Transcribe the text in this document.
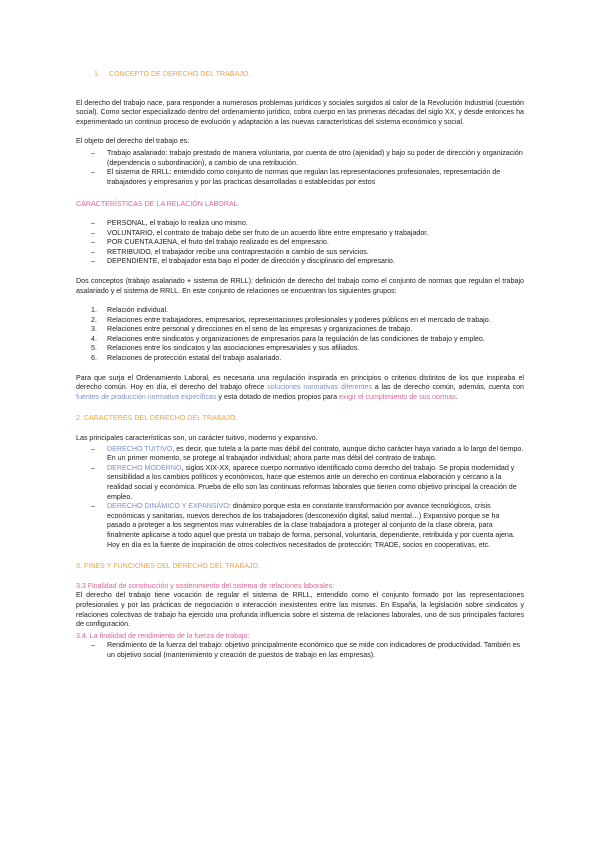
1. CONCEPTO DE DERECHO DEL TRABAJO.

El derecho del trabajo nace, para responder a numerosos problemas jurídicos y sociales surgidos al calor de la Revolución Industrial (cuestión social). Como sector especializado dentro del ordenamiento jurídico, cobra cuerpo en las primeras décadas del siglo XX, y desde entonces ha experimentado un continuo proceso de evolución y adaptación a las nuevas características del sistema económico y social.

El objeto del derecho del trabajo es:

– Trabajo asalariado: trabajo prestado de manera voluntaria, por cuenta de otro (ajenidad) y bajo su poder de dirección y organización (dependencia o subordinación), a cambio de una retribución.
– El sistema de RRLL: entendido como conjunto de normas que regulan las representaciones profesionales, representación de trabajadores y empresarios y por las practicas desarrolladas o establecidas por estos
CARACTERÍSTICAS DE LA RELACIÓN LABORAL.
– PERSONAL, el trabajo lo realiza uno mismo.
– VOLUNTARIO, el contrato de trabajo debe ser fruto de un acuerdo libre entre empresario y trabajador.
– POR CUENTA AJENA, el fruto del trabajo realizado es del empresario.
– RETRIBUIDO, el trabajador recibe una contraprestación a cambio de sus servicios.
– DEPENDIENTE, el trabajador esta bajo el poder de dirección y disciplinario del empresario.

Dos conceptos (trabajo asalariado + sistema de RRLL): definición de derecho del trabajo como el conjunto de normas que regulan el trabajo asalariado y el sistema de RRLL. En este conjunto de relaciones se encuentran los siguientes grupos:

1. Relación individual.
2. Relaciones entre trabajadores, empresarios, representaciones profesionales y poderes públicos en el mercado de trabajo.
3. Relaciones entre personal y direcciones en el seno de las empresas y organizaciones de trabajo.
4. Relaciones entre sindicatos y organizaciones de empresarios para la regulación de las condiciones de trabajo y empleo.
5. Relaciones entre los sindicatos y las asociaciones empresariales y sus afiliados.
6. Relaciones de protección estatal del trabajo asalariado.

Para que surja el Ordenamiento Laboral, es necesaria una regulación inspirada en principios o criterios distintos de los que inspiraba el derecho común. Hoy en día, el derecho del trabajo ofrece soluciones normativas diferentes a las de derecho común, además, cuenta con fuentes de producción normativa específicas y esta dotado de medios propios para exigir el cumplimiento de sus normas.

2. CARACTERES DEL DERECHO DEL TRABAJO.

Las principales características son, un carácter tuitivo, moderno y expansivo.

– DERECHO TUITIVO, es decir, que tutela a la parte mas débil del contrato, aunque dicho carácter haya variado a lo largo del tiempo. En un primer momento, se protege al trabajador individual; ahora parte mas débil del contrato de trabajo.
– DERECHO MODERNO, siglos XIX-XX, aparece cuerpo normativo identificado como derecho del trabajo. Se propia modernidad y sensibilidad a los cambios políticos y económicos, hace que estemos ante un derecho en continua elaboración y cercano a la realidad social y económica. Prueba de ello son las continuas reformas laborales que tienen como objetivo principal la creación de empleo.
– DERECHO DINÁMICO Y EXPANSIVO: dinámico porque esta en constante transformación por avance tecnológicos, crisis económicas y sanitarias, nuevos derechos de los trabajadores (desconexión digital, salud mental…) Expansivo porque se ha pasado a proteger a los segmentos mas vulnerables de la clase trabajadora a proteger al conjunto de la clase obrera, para finalmente aplicarse a todo aquel que presta un trabajo de forma, personal, voluntaria, dependiente, retribuida y por cuenta ajena. Hoy en día es la fuente de inspiración de otros colectivos necesitados de protección: TRADE, socios en cooperativas, etc.
3. FINES Y FUNCIONES DEL DERECHO DEL TRABAJO.
3.3 Finalidad de construcción y sostenimiento del sistema de relaciones laborales:

El derecho del trabajo tiene vocación de regular el sistema de RRLL, entendido como el conjunto formado por las representaciones profesionales y por las prácticas de negociación o interacción inexistentes entre las mismas. En España, la legislación sobre sindicatos y relaciones colectivas de trabajo ha ejercido una profunda influencia sobre el sistema de relaciones laborales, uno de sus principales factores de configuración.

3.4. La finalidad de rendimiento de la fuerza de trabajo:
– Rendimiento de la fuerza del trabajo: objetivo principalmente económico que se mide con indicadores de productividad. También es un objetivo social (mantenimiento y creación de puestos de trabajo en las empresas).
